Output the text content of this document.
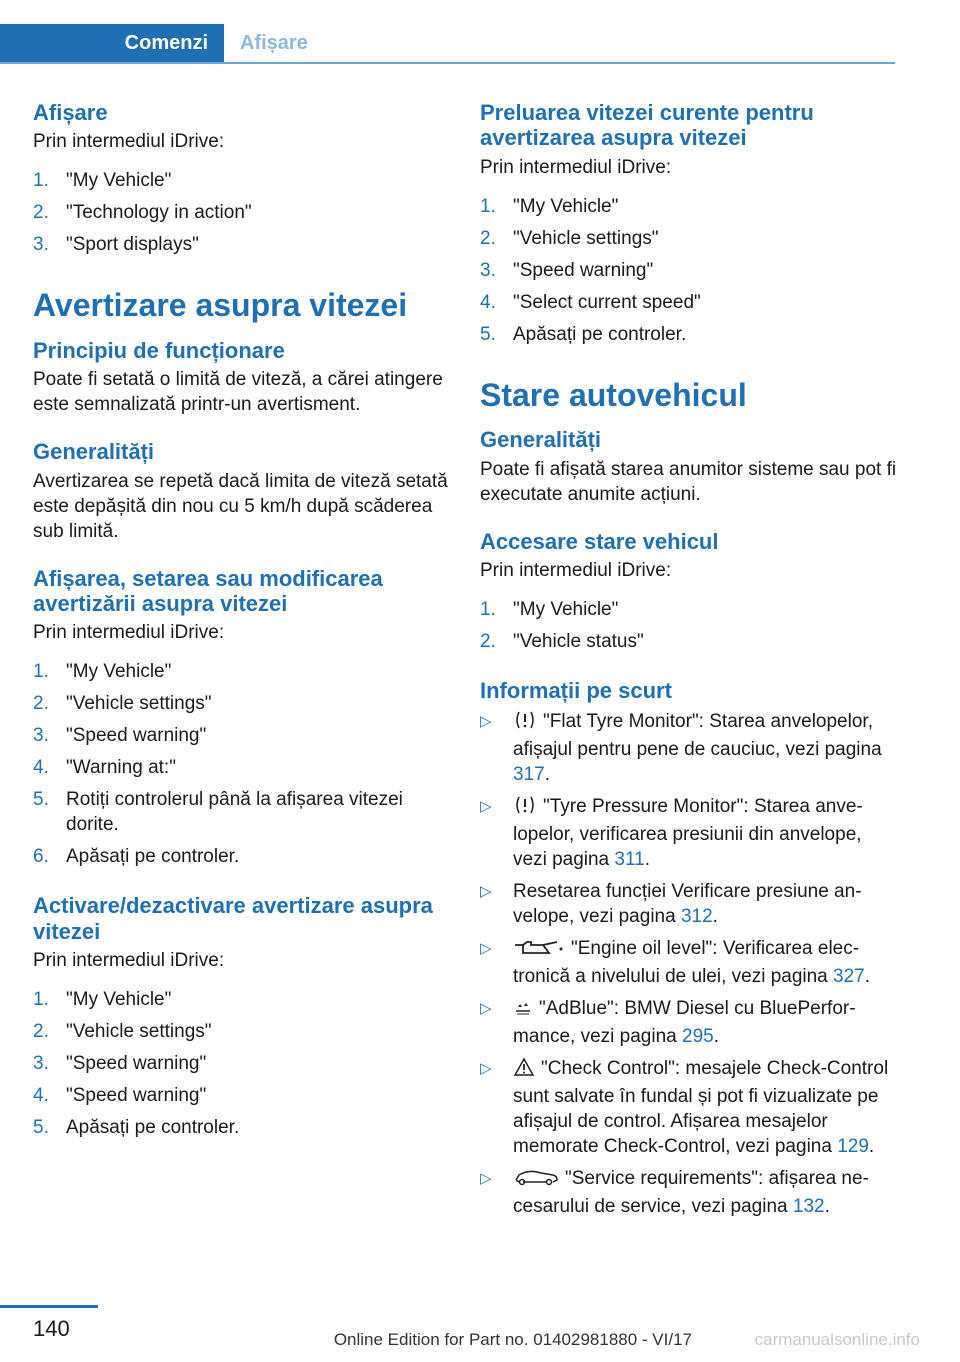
Comenzi	Afișare
Afișare
Prin intermediul iDrive:
1. "My Vehicle"
2. "Technology in action"
3. "Sport displays"
Avertizare asupra vitezei
Principiu de funcționare
Poate fi setată o limită de viteză, a cărei atingere este semnalizată printr-un avertisment.
Generalități
Avertizarea se repetă dacă limita de viteză setată este depășită din nou cu 5 km/h după scăderea sub limită.
Afișarea, setarea sau modificarea avertizării asupra vitezei
Prin intermediul iDrive:
1. "My Vehicle"
2. "Vehicle settings"
3. "Speed warning"
4. "Warning at:"
5. Rotiți controlerul până la afișarea vitezei dorite.
6. Apăsați pe controler.
Activare/dezactivare avertizare asupra vitezei
Prin intermediul iDrive:
1. "My Vehicle"
2. "Vehicle settings"
3. "Speed warning"
4. "Speed warning"
5. Apăsați pe controler.
Preluarea vitezei curente pentru avertizarea asupra vitezei
Prin intermediul iDrive:
1. "My Vehicle"
2. "Vehicle settings"
3. "Speed warning"
4. "Select current speed"
5. Apăsați pe controler.
Stare autovehicul
Generalități
Poate fi afișată starea anumitor sisteme sau pot fi executate anumite acțiuni.
Accesare stare vehicul
Prin intermediul iDrive:
1. "My Vehicle"
2. "Vehicle status"
Informații pe scurt
▷	"Flat Tyre Monitor": Starea anvelopelor, afișajul pentru pene de cauciuc, vezi pagina 317.
▷	"Tyre Pressure Monitor": Starea anvelopelor, verificarea presiunii din anvelope, vezi pagina 311.
▷ Resetarea funcției Verificare presiune anvelope, vezi pagina 312.
▷	"Engine oil level": Verificarea electronică a nivelului de ulei, vezi pagina 327.
▷ "AdBlue": BMW Diesel cu BluePerformance, vezi pagina 295.
▷	"Check Control": mesajele Check-Control sunt salvate în fundal și pot fi vizualizate pe afișajul de control. Afișarea mesajelor memorate Check-Control, vezi pagina 129.
▷	"Service requirements": afișarea necesarului de service, vezi pagina 132.
140	Online Edition for Part no. 01402981880 - VI/17	carmanualsonline.info
